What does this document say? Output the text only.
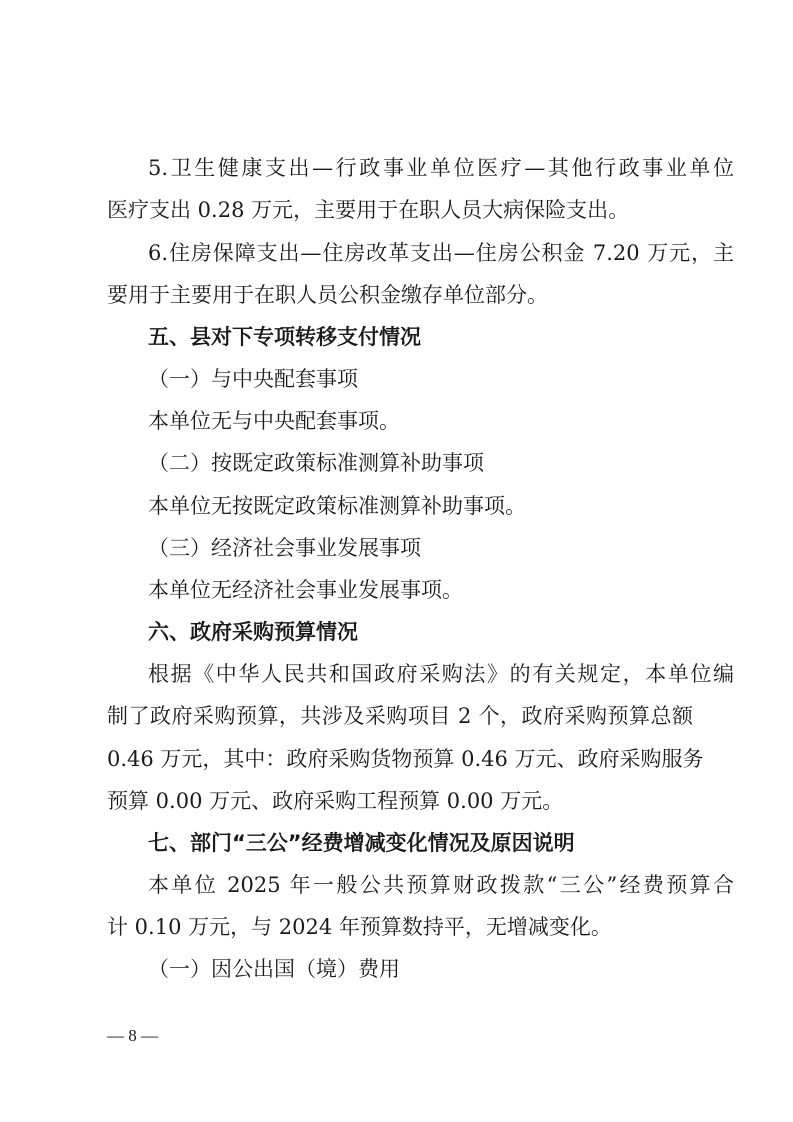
5.卫生健康支出—行政事业单位医疗—其他行政事业单位
医疗支出 0.28 万元，主要用于在职人员大病保险支出。
6.住房保障支出—住房改革支出—住房公积金 7.20 万元，主
要用于主要用于在职人员公积金缴存单位部分。
五、县对下专项转移支付情况
（一）与中央配套事项
本单位无与中央配套事项。
（二）按既定政策标准测算补助事项
本单位无按既定政策标准测算补助事项。
（三）经济社会事业发展事项
本单位无经济社会事业发展事项。
六、政府采购预算情况
根据《中华人民共和国政府采购法》的有关规定，本单位编
制了政府采购预算，共涉及采购项目 2 个，政府采购预算总额
0.46 万元，其中：政府采购货物预算 0.46 万元、政府采购服务
预算 0.00 万元、政府采购工程预算 0.00 万元。
七、部门“三公”经费增减变化情况及原因说明
本单位 2025 年一般公共预算财政拨款“三公”经费预算合
计 0.10 万元，与 2024 年预算数持平，无增减变化。
（一）因公出国（境）费用
— 8 —
